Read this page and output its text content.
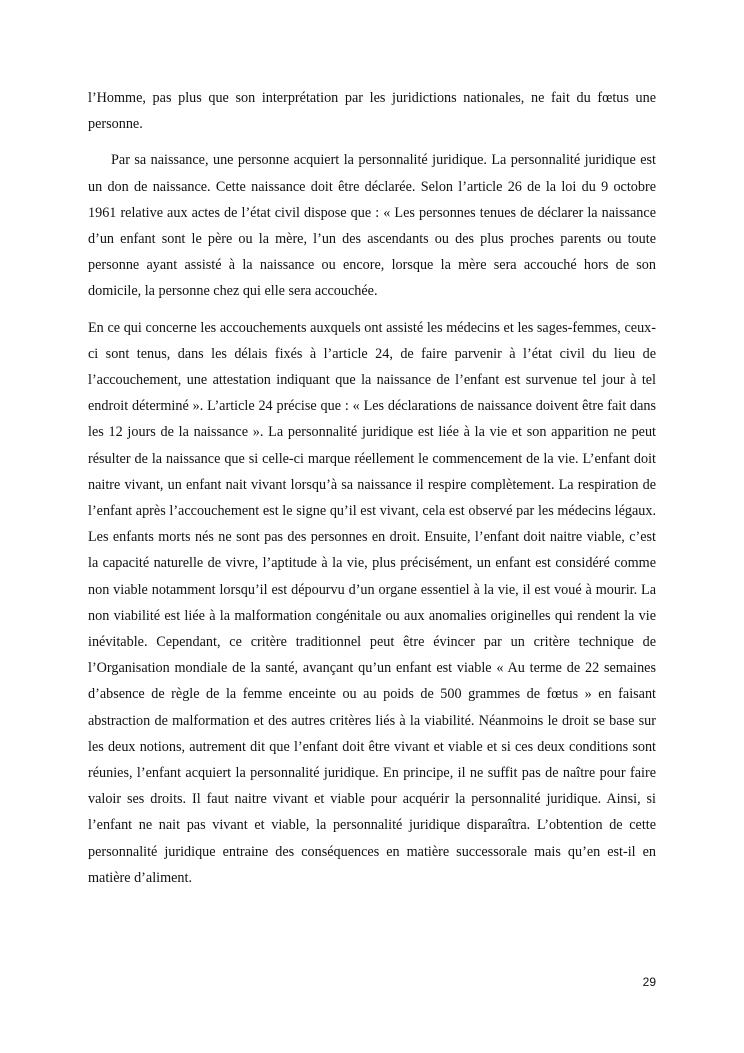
l’Homme, pas plus que son interprétation par les juridictions nationales, ne fait du fœtus une personne.

Par sa naissance, une personne acquiert la personnalité juridique. La personnalité juridique est un don de naissance. Cette naissance doit être déclarée. Selon l’article 26 de la loi du 9 octobre 1961 relative aux actes de l’état civil dispose que : « Les personnes tenues de déclarer la naissance d’un enfant sont le père ou la mère, l’un des ascendants ou des plus proches parents ou toute personne ayant assisté à la naissance ou encore, lorsque la mère sera accouché hors de son domicile, la personne chez qui elle sera accouchée.

En ce qui concerne les accouchements auxquels ont assisté les médecins et les sages-femmes, ceux-ci sont tenus, dans les délais fixés à l’article 24, de faire parvenir à l’état civil du lieu de l’accouchement, une attestation indiquant que la naissance de l’enfant est survenue tel jour à tel endroit déterminé ». L’article 24 précise que : « Les déclarations de naissance doivent être fait dans les 12 jours de la naissance ». La personnalité juridique est liée à la vie et son apparition ne peut résulter de la naissance que si celle-ci marque réellement le commencement de la vie. L’enfant doit naitre vivant, un enfant nait vivant lorsqu’à sa naissance il respire complètement. La respiration de l’enfant après l’accouchement est le signe qu’il est vivant, cela est observé par les médecins légaux. Les enfants morts nés ne sont pas des personnes en droit. Ensuite, l’enfant doit naitre viable, c’est la capacité naturelle de vivre, l’aptitude à la vie, plus précisément, un enfant est considéré comme non viable notamment lorsqu’il est dépourvu d’un organe essentiel à la vie, il est voué à mourir. La non viabilité est liée à la malformation congénitale ou aux anomalies originelles qui rendent la vie inévitable. Cependant, ce critère traditionnel peut être évincer par un critère technique de l’Organisation mondiale de la santé, avançant qu’un enfant est viable « Au terme de 22 semaines d’absence de règle de la femme enceinte ou au poids de 500 grammes de fœtus » en faisant abstraction de malformation et des autres critères liés à la viabilité. Néanmoins le droit se base sur les deux notions, autrement dit que l’enfant doit être vivant et viable et si ces deux conditions sont réunies, l’enfant acquiert la personnalité juridique. En principe, il ne suffit pas de naître pour faire valoir ses droits. Il faut naitre vivant et viable pour acquérir la personnalité juridique. Ainsi, si l’enfant ne nait pas vivant et viable, la personnalité juridique disparaîtra. L’obtention de cette personnalité juridique entraine des conséquences en matière successorale mais qu’en est-il en matière d’aliment.

29
